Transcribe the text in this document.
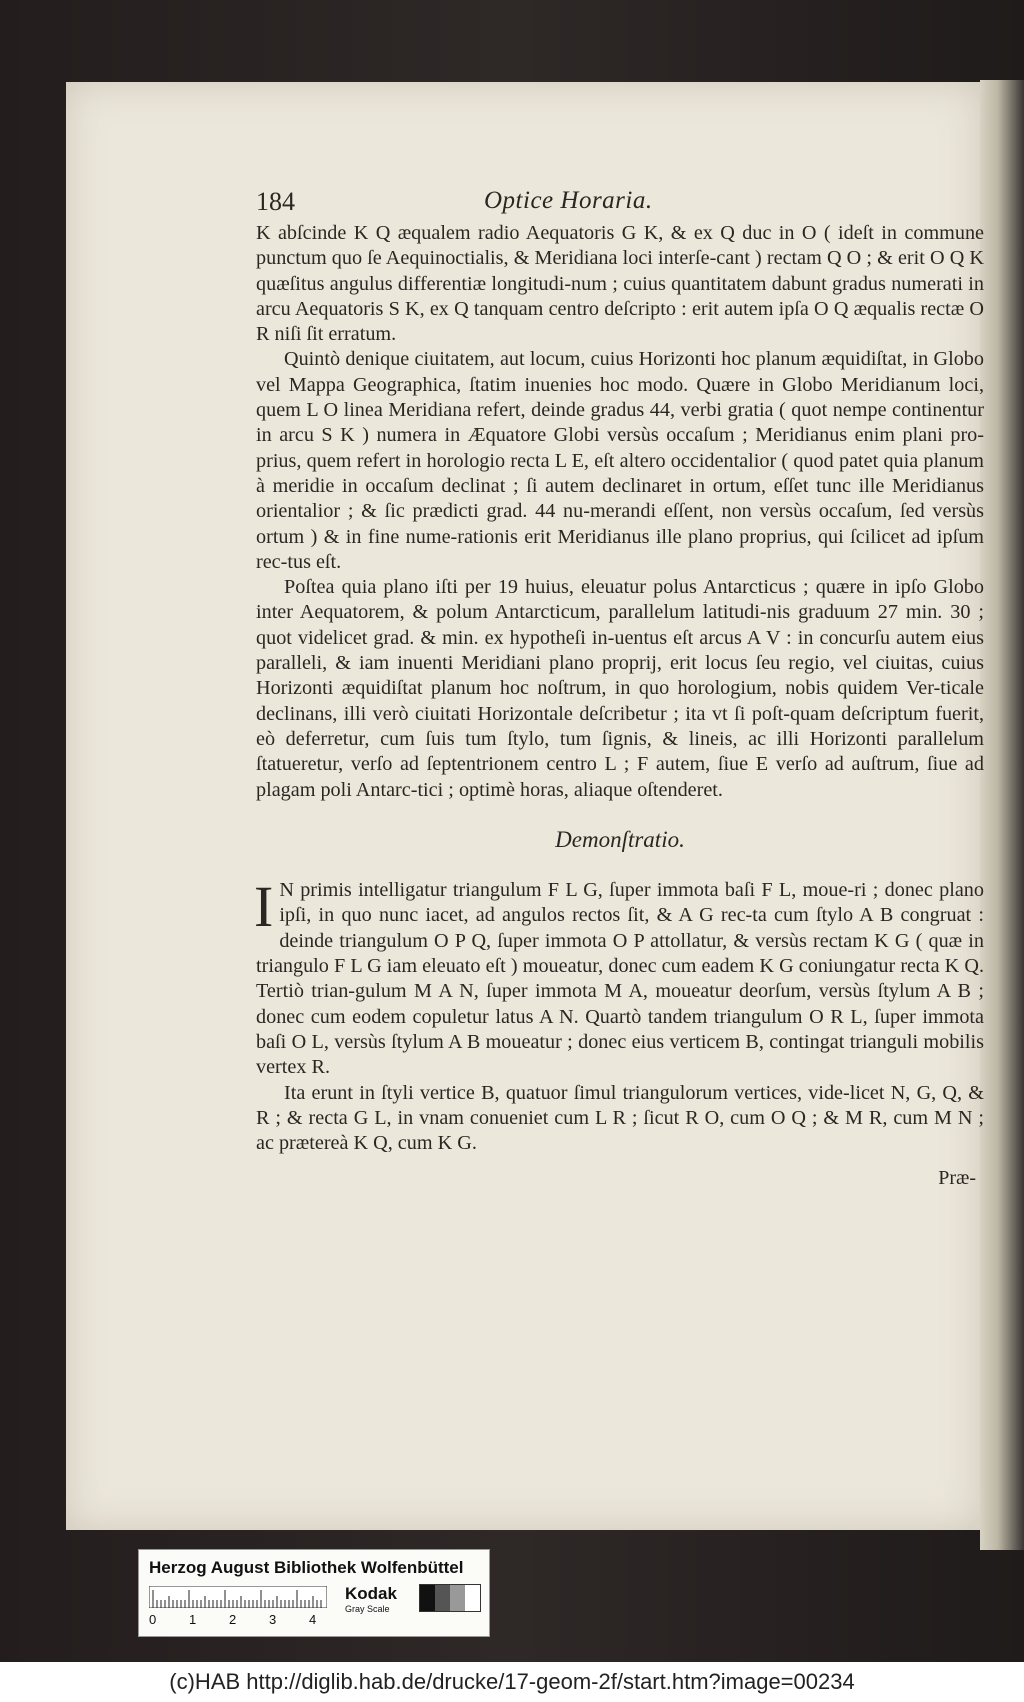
184	Optice Horaria.

K abſcinde K Q æqualem radio Aequatoris G K, & ex Q duc in O ( ideſt in commune punctum quo ſe Aequinoctialis, & Meridiana loci interſe-cant ) rectam Q O ; & erit O Q K quæſitus angulus differentiæ longitudi-num ; cuius quantitatem dabunt gradus numerati in arcu Aequatoris S K, ex Q tanquam centro deſcripto : erit autem ipſa O Q æqualis rectæ O R niſi ſit erratum.

Quintò denique ciuitatem, aut locum, cuius Horizonti hoc planum æquidiſtat, in Globo vel Mappa Geographica, ſtatim inuenies hoc modo. Quære in Globo Meridianum loci, quem L O linea Meridiana refert, deinde gradus 44, verbi gratia ( quot nempe continentur in arcu S K ) numera in Æquatore Globi versùs occaſum ; Meridianus enim plani pro-prius, quem refert in horologio recta L E, eſt altero occidentalior ( quod patet quia planum à meridie in occaſum declinat ; ſi autem declinaret in ortum, eſſet tunc ille Meridianus orientalior ; & ſic prædicti grad. 44 nu-merandi eſſent, non versùs occaſum, ſed versùs ortum ) & in fine nume-rationis erit Meridianus ille plano proprius, qui ſcilicet ad ipſum rec-tus eſt.

Poſtea quia plano iſti per 19 huius, eleuatur polus Antarcticus ; quære in ipſo Globo inter Aequatorem, & polum Antarcticum, parallelum latitudi-nis graduum 27 min. 30 ; quot videlicet grad. & min. ex hypotheſi in-uentus eſt arcus A V : in concurſu autem eius paralleli, & iam inuenti Meridiani plano proprij, erit locus ſeu regio, vel ciuitas, cuius Horizonti æquidiſtat planum hoc noſtrum, in quo horologium, nobis quidem Ver-ticale declinans, illi verò ciuitati Horizontale deſcribetur ; ita vt ſi poſt-quam deſcriptum fuerit, eò deferretur, cum ſuis tum ſtylo, tum ſignis, & lineis, ac illi Horizonti parallelum ſtatueretur, verſo ad ſeptentrionem centro L ; F autem, ſiue E verſo ad auſtrum, ſiue ad plagam poli Antarc-tici ; optimè horas, aliaque oſtenderet.

Demonſtratio.

I N primis intelligatur triangulum F L G, ſuper immota baſi F L, moue-ri ; donec plano ipſi, in quo nunc iacet, ad angulos rectos ſit, & A G rec-ta cum ſtylo A B congruat : deinde triangulum O P Q, ſuper immota O P attollatur, & versùs rectam K G ( quæ in triangulo F L G iam eleuato eſt ) moueatur, donec cum eadem K G coniungatur recta K Q. Tertiò trian-gulum M A N, ſuper immota M A, moueatur deorſum, versùs ſtylum A B ; donec cum eodem copuletur latus A N. Quartò tandem triangulum O R L, ſuper immota baſi O L, versùs ſtylum A B moueatur ; donec eius verticem B, contingat trianguli mobilis vertex R.

Ita erunt in ſtyli vertice B, quatuor ſimul triangulorum vertices, vide-licet N, G, Q, & R ; & recta G L, in vnam conueniet cum L R ; ſicut R O, cum O Q ; & M R, cum M N ; ac prætereà K Q, cum K G.

Præ-
Herzog August Bibliothek Wolfenbüttel
0	1	2	3	4
Kodak
Gray Scale
(c)HAB http://diglib.hab.de/drucke/17-geom-2f/start.htm?image=00234
